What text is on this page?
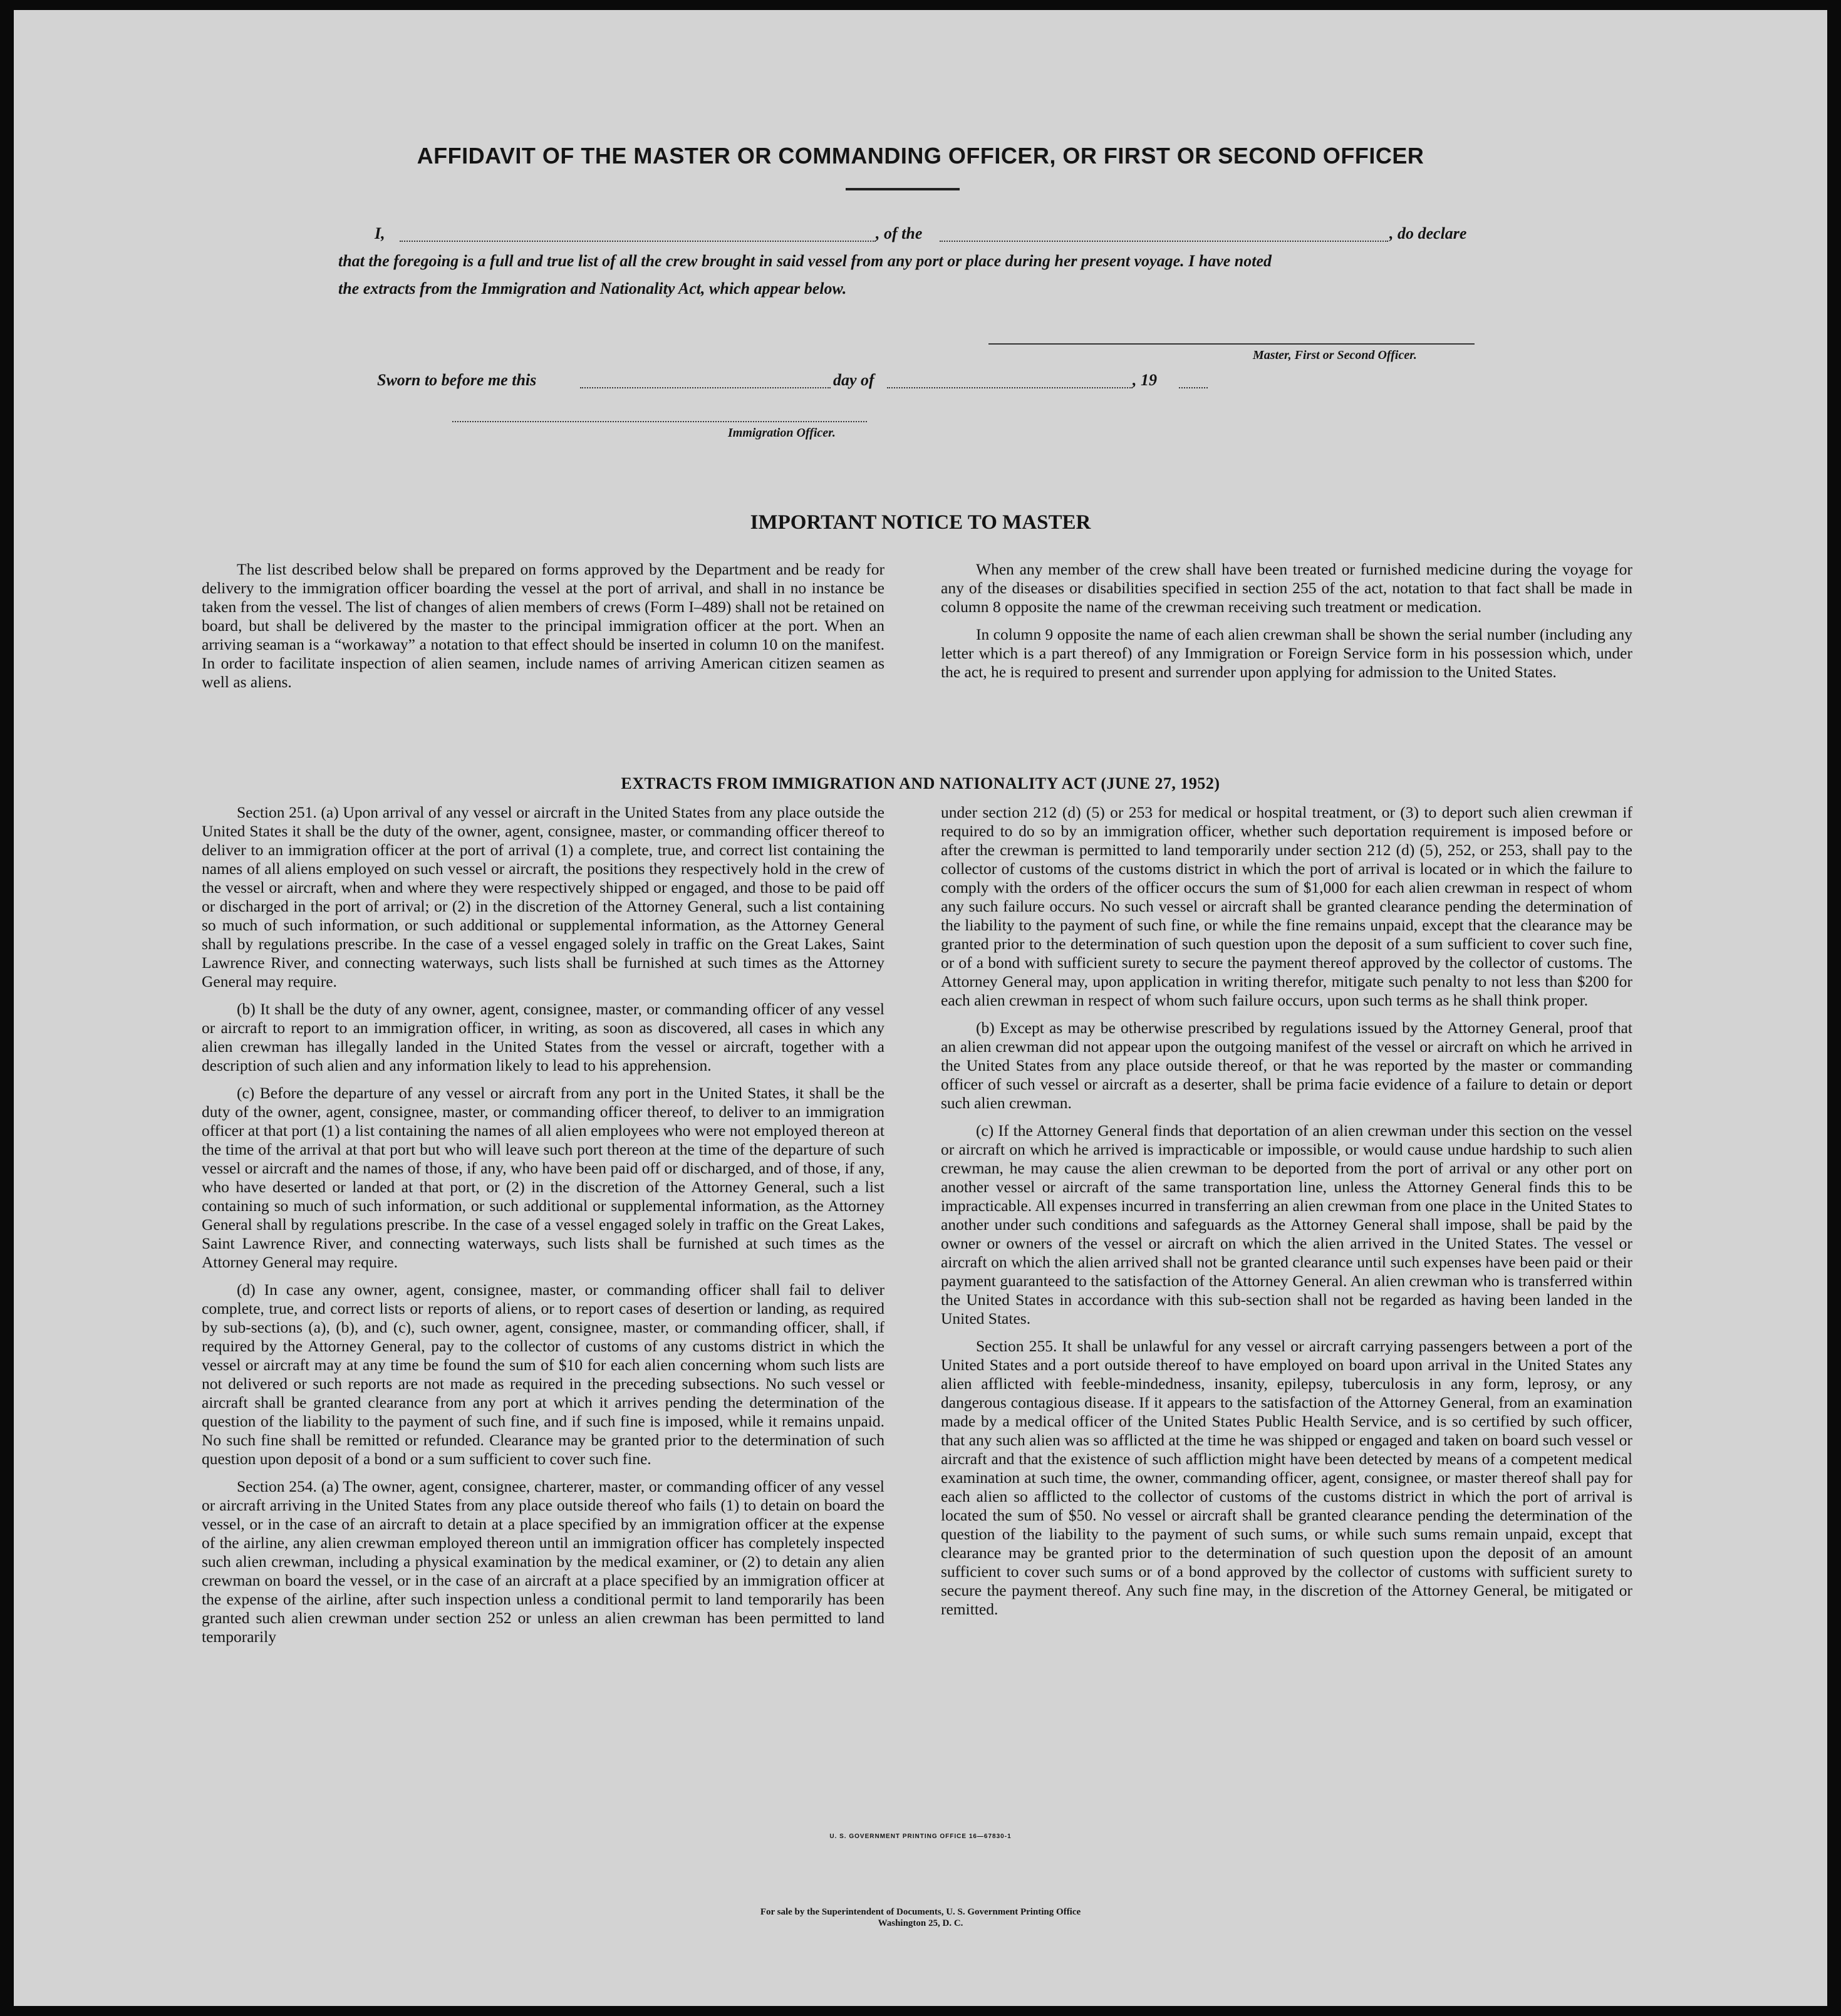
AFFIDAVIT OF THE MASTER OR COMMANDING OFFICER, OR FIRST OR SECOND OFFICER
I,	, of the	, do declare
that the foregoing is a full and true list of all the crew brought in said vessel from any port or place during her present voyage. I have noted
the extracts from the Immigration and Nationality Act, which appear below.
Master, First or Second Officer.
Sworn to before me this	day of	, 19
Immigration Officer.
IMPORTANT NOTICE TO MASTER

The list described below shall be prepared on forms approved by the Department and be ready for delivery to the immigration officer boarding the vessel at the port of arrival, and shall in no instance be taken from the vessel. The list of changes of alien members of crews (Form I–489) shall not be retained on board, but shall be delivered by the master to the principal immigration officer at the port. When an arriving seaman is a “workaway” a notation to that effect should be inserted in column 10 on the manifest. In order to facilitate inspection of alien seamen, include names of arriving American citizen seamen as well as aliens.

When any member of the crew shall have been treated or furnished medicine during the voyage for any of the diseases or disabilities specified in section 255 of the act, notation to that fact shall be made in column 8 opposite the name of the crewman receiving such treatment or medication.

In column 9 opposite the name of each alien crewman shall be shown the serial number (including any letter which is a part thereof) of any Immigration or Foreign Service form in his possession which, under the act, he is required to present and surrender upon applying for admission to the United States.

EXTRACTS FROM IMMIGRATION AND NATIONALITY ACT (JUNE 27, 1952)

Section 251. (a) Upon arrival of any vessel or aircraft in the United States from any place outside the United States it shall be the duty of the owner, agent, consignee, master, or commanding officer thereof to deliver to an immigration officer at the port of arrival (1) a complete, true, and correct list containing the names of all aliens employed on such vessel or aircraft, the positions they respectively hold in the crew of the vessel or aircraft, when and where they were respectively shipped or engaged, and those to be paid off or discharged in the port of arrival; or (2) in the discretion of the Attorney General, such a list containing so much of such information, or such additional or supplemental information, as the Attorney General shall by regulations prescribe. In the case of a vessel engaged solely in traffic on the Great Lakes, Saint Lawrence River, and connecting waterways, such lists shall be furnished at such times as the Attorney General may require.

(b) It shall be the duty of any owner, agent, consignee, master, or commanding officer of any vessel or aircraft to report to an immigration officer, in writing, as soon as discovered, all cases in which any alien crewman has illegally landed in the United States from the vessel or aircraft, together with a description of such alien and any information likely to lead to his apprehension.

(c) Before the departure of any vessel or aircraft from any port in the United States, it shall be the duty of the owner, agent, consignee, master, or commanding officer thereof, to deliver to an immigration officer at that port (1) a list containing the names of all alien employees who were not employed thereon at the time of the arrival at that port but who will leave such port thereon at the time of the departure of such vessel or aircraft and the names of those, if any, who have been paid off or discharged, and of those, if any, who have deserted or landed at that port, or (2) in the discretion of the Attorney General, such a list containing so much of such information, or such additional or supplemental information, as the Attorney General shall by regulations prescribe. In the case of a vessel engaged solely in traffic on the Great Lakes, Saint Lawrence River, and connecting waterways, such lists shall be furnished at such times as the Attorney General may require.

(d) In case any owner, agent, consignee, master, or commanding officer shall fail to deliver complete, true, and correct lists or reports of aliens, or to report cases of desertion or landing, as required by sub-sections (a), (b), and (c), such owner, agent, consignee, master, or commanding officer, shall, if required by the Attorney General, pay to the collector of customs of any customs district in which the vessel or aircraft may at any time be found the sum of $10 for each alien concerning whom such lists are not delivered or such reports are not made as required in the preceding subsections. No such vessel or aircraft shall be granted clearance from any port at which it arrives pending the determination of the question of the liability to the payment of such fine, and if such fine is imposed, while it remains unpaid. No such fine shall be remitted or refunded. Clearance may be granted prior to the determination of such question upon deposit of a bond or a sum sufficient to cover such fine.

Section 254. (a) The owner, agent, consignee, charterer, master, or commanding officer of any vessel or aircraft arriving in the United States from any place outside thereof who fails (1) to detain on board the vessel, or in the case of an aircraft to detain at a place specified by an immigration officer at the expense of the airline, any alien crewman employed thereon until an immigration officer has completely inspected such alien crewman, including a physical examination by the medical examiner, or (2) to detain any alien crewman on board the vessel, or in the case of an aircraft at a place specified by an immigration officer at the expense of the airline, after such inspection unless a conditional permit to land temporarily has been granted such alien crewman under section 252 or unless an alien crewman has been permitted to land temporarily

under section 212 (d) (5) or 253 for medical or hospital treatment, or (3) to deport such alien crewman if required to do so by an immigration officer, whether such deportation requirement is imposed before or after the crewman is permitted to land temporarily under section 212 (d) (5), 252, or 253, shall pay to the collector of customs of the customs district in which the port of arrival is located or in which the failure to comply with the orders of the officer occurs the sum of $1,000 for each alien crewman in respect of whom any such failure occurs. No such vessel or aircraft shall be granted clearance pending the determination of the liability to the payment of such fine, or while the fine remains unpaid, except that the clearance may be granted prior to the determination of such question upon the deposit of a sum sufficient to cover such fine, or of a bond with sufficient surety to secure the payment thereof approved by the collector of customs. The Attorney General may, upon application in writing therefor, mitigate such penalty to not less than $200 for each alien crewman in respect of whom such failure occurs, upon such terms as he shall think proper.

(b) Except as may be otherwise prescribed by regulations issued by the Attorney General, proof that an alien crewman did not appear upon the outgoing manifest of the vessel or aircraft on which he arrived in the United States from any place outside thereof, or that he was reported by the master or commanding officer of such vessel or aircraft as a deserter, shall be prima facie evidence of a failure to detain or deport such alien crewman.

(c) If the Attorney General finds that deportation of an alien crewman under this section on the vessel or aircraft on which he arrived is impracticable or impossible, or would cause undue hardship to such alien crewman, he may cause the alien crewman to be deported from the port of arrival or any other port on another vessel or aircraft of the same transportation line, unless the Attorney General finds this to be impracticable. All expenses incurred in transferring an alien crewman from one place in the United States to another under such conditions and safeguards as the Attorney General shall impose, shall be paid by the owner or owners of the vessel or aircraft on which the alien arrived in the United States. The vessel or aircraft on which the alien arrived shall not be granted clearance until such expenses have been paid or their payment guaranteed to the satisfaction of the Attorney General. An alien crewman who is transferred within the United States in accordance with this sub-section shall not be regarded as having been landed in the United States.

Section 255. It shall be unlawful for any vessel or aircraft carrying passengers between a port of the United States and a port outside thereof to have employed on board upon arrival in the United States any alien afflicted with feeble-mindedness, insanity, epilepsy, tuberculosis in any form, leprosy, or any dangerous contagious disease. If it appears to the satisfaction of the Attorney General, from an examination made by a medical officer of the United States Public Health Service, and is so certified by such officer, that any such alien was so afflicted at the time he was shipped or engaged and taken on board such vessel or aircraft and that the existence of such affliction might have been detected by means of a competent medical examination at such time, the owner, commanding officer, agent, consignee, or master thereof shall pay for each alien so afflicted to the collector of customs of the customs district in which the port of arrival is located the sum of $50. No vessel or aircraft shall be granted clearance pending the determination of the question of the liability to the payment of such sums, or while such sums remain unpaid, except that clearance may be granted prior to the determination of such question upon the deposit of an amount sufficient to cover such sums or of a bond approved by the collector of customs with sufficient surety to secure the payment thereof. Any such fine may, in the discretion of the Attorney General, be mitigated or remitted.

U. S. GOVERNMENT PRINTING OFFICE 16—67830-1
For sale by the Superintendent of Documents, U. S. Government Printing Office
Washington 25, D. C.
